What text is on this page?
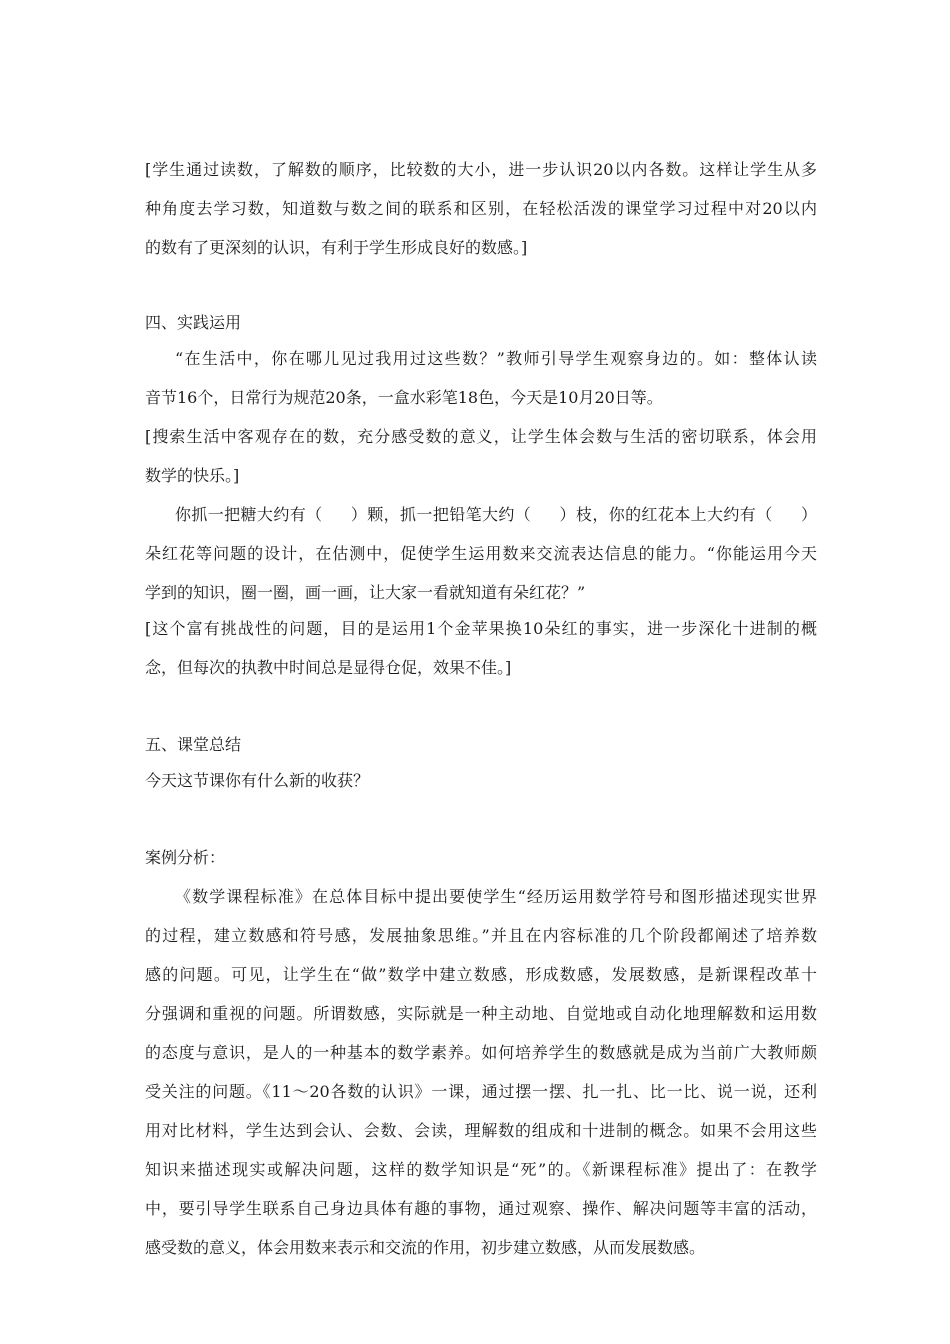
[学生通过读数，了解数的顺序，比较数的大小，进一步认识20以内各数。这样让学生从多
种角度去学习数，知道数与数之间的联系和区别，在轻松活泼的课堂学习过程中对20以内
的数有了更深刻的认识，有利于学生形成良好的数感。]
四、实践运用
“在生活中，你在哪儿见过我用过这些数？”教师引导学生观察身边的。如：整体认读
音节16个，日常行为规范20条，一盒水彩笔18色，今天是10月20日等。
[搜索生活中客观存在的数，充分感受数的意义，让学生体会数与生活的密切联系，体会用
数学的快乐。]
你抓一把糖大约有（ ）颗，抓一把铅笔大约（ ）枝，你的红花本上大约有（ ）
朵红花等问题的设计，在估测中，促使学生运用数来交流表达信息的能力。“你能运用今天
学到的知识，圈一圈，画一画，让大家一看就知道有朵红花？”
[这个富有挑战性的问题，目的是运用1个金苹果换10朵红的事实，进一步深化十进制的概
念，但每次的执教中时间总是显得仓促，效果不佳。]
五、课堂总结
今天这节课你有什么新的收获？
案例分析：
《数学课程标准》在总体目标中提出要使学生“经历运用数学符号和图形描述现实世界
的过程，建立数感和符号感，发展抽象思维。”并且在内容标准的几个阶段都阐述了培养数
感的问题。可见，让学生在“做”数学中建立数感，形成数感，发展数感，是新课程改革十
分强调和重视的问题。所谓数感，实际就是一种主动地、自觉地或自动化地理解数和运用数
的态度与意识，是人的一种基本的数学素养。如何培养学生的数感就是成为当前广大教师颇
受关注的问题。《11～20各数的认识》一课，通过摆一摆、扎一扎、比一比、说一说，还利
用对比材料，学生达到会认、会数、会读，理解数的组成和十进制的概念。如果不会用这些
知识来描述现实或解决问题，这样的数学知识是“死”的。《新课程标准》提出了：在教学
中，要引导学生联系自己身边具体有趣的事物，通过观察、操作、解决问题等丰富的活动，
感受数的意义，体会用数来表示和交流的作用，初步建立数感，从而发展数感。
